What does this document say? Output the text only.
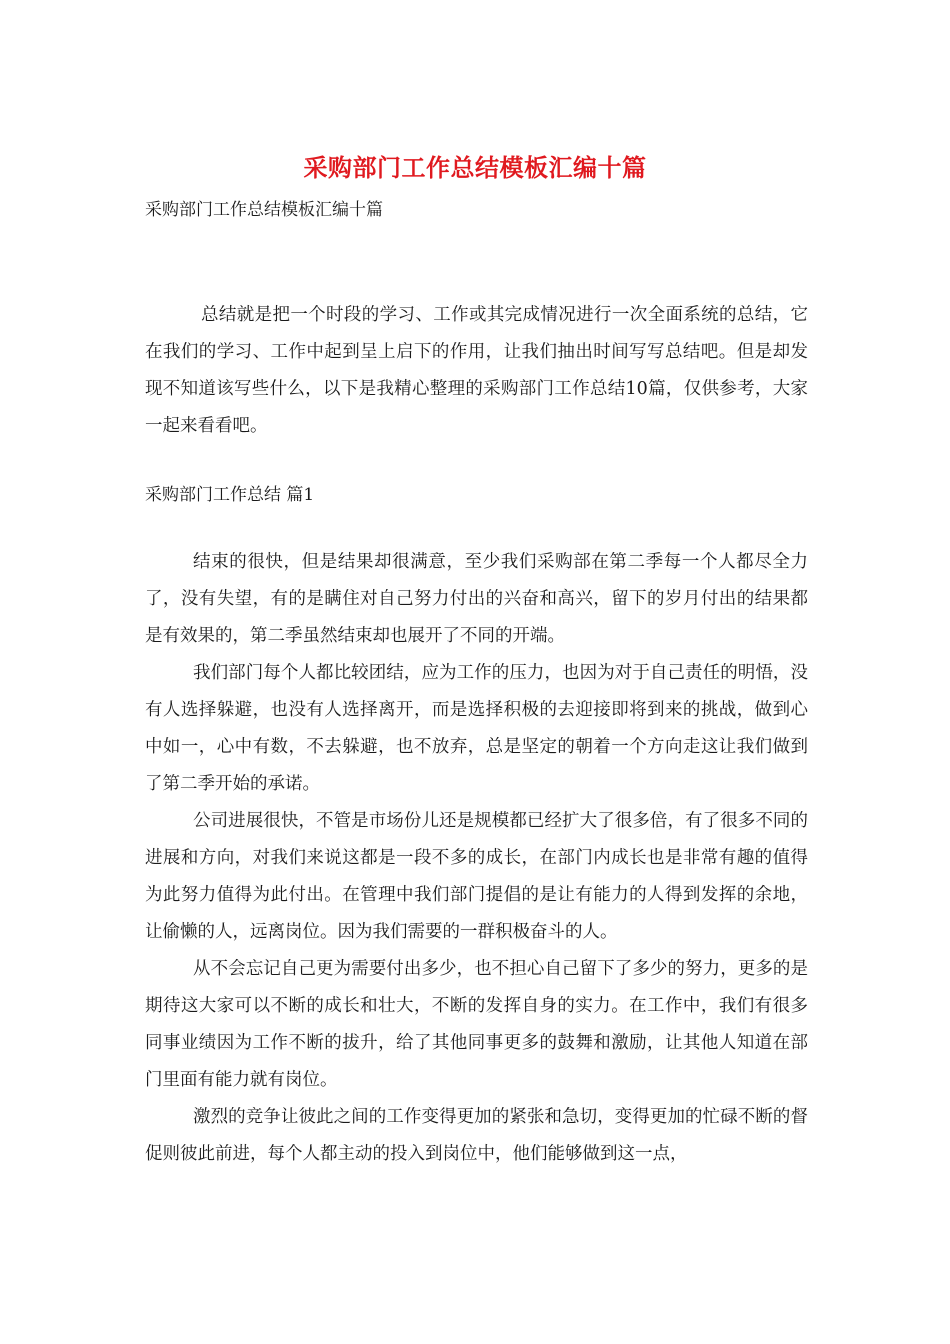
采购部门工作总结模板汇编十篇
采购部门工作总结模板汇编十篇

总结就是把一个时段的学习、工作或其完成情况进行一次全面系统的总结，它在我们的学习、工作中起到呈上启下的作用，让我们抽出时间写写总结吧。但是却发现不知道该写些什么，以下是我精心整理的采购部门工作总结10篇，仅供参考，大家一起来看看吧。

采购部门工作总结 篇1

结束的很快，但是结果却很满意，至少我们采购部在第二季每一个人都尽全力了，没有失望，有的是瞒住对自己努力付出的兴奋和高兴，留下的岁月付出的结果都是有效果的，第二季虽然结束却也展开了不同的开端。

我们部门每个人都比较团结，应为工作的压力，也因为对于自己责任的明悟，没有人选择躲避，也没有人选择离开，而是选择积极的去迎接即将到来的挑战，做到心中如一，心中有数，不去躲避，也不放弃，总是坚定的朝着一个方向走这让我们做到了第二季开始的承诺。

公司进展很快，不管是市场份儿还是规模都已经扩大了很多倍，有了很多不同的进展和方向，对我们来说这都是一段不多的成长，在部门内成长也是非常有趣的值得为此努力值得为此付出。在管理中我们部门提倡的是让有能力的人得到发挥的余地，让偷懒的人，远离岗位。因为我们需要的一群积极奋斗的人。

从不会忘记自己更为需要付出多少，也不担心自己留下了多少的努力，更多的是期待这大家可以不断的成长和壮大，不断的发挥自身的实力。在工作中，我们有很多同事业绩因为工作不断的拔升，给了其他同事更多的鼓舞和激励，让其他人知道在部门里面有能力就有岗位。

激烈的竞争让彼此之间的工作变得更加的紧张和急切，变得更加的忙碌不断的督促则彼此前进，每个人都主动的投入到岗位中，他们能够做到这一点，
